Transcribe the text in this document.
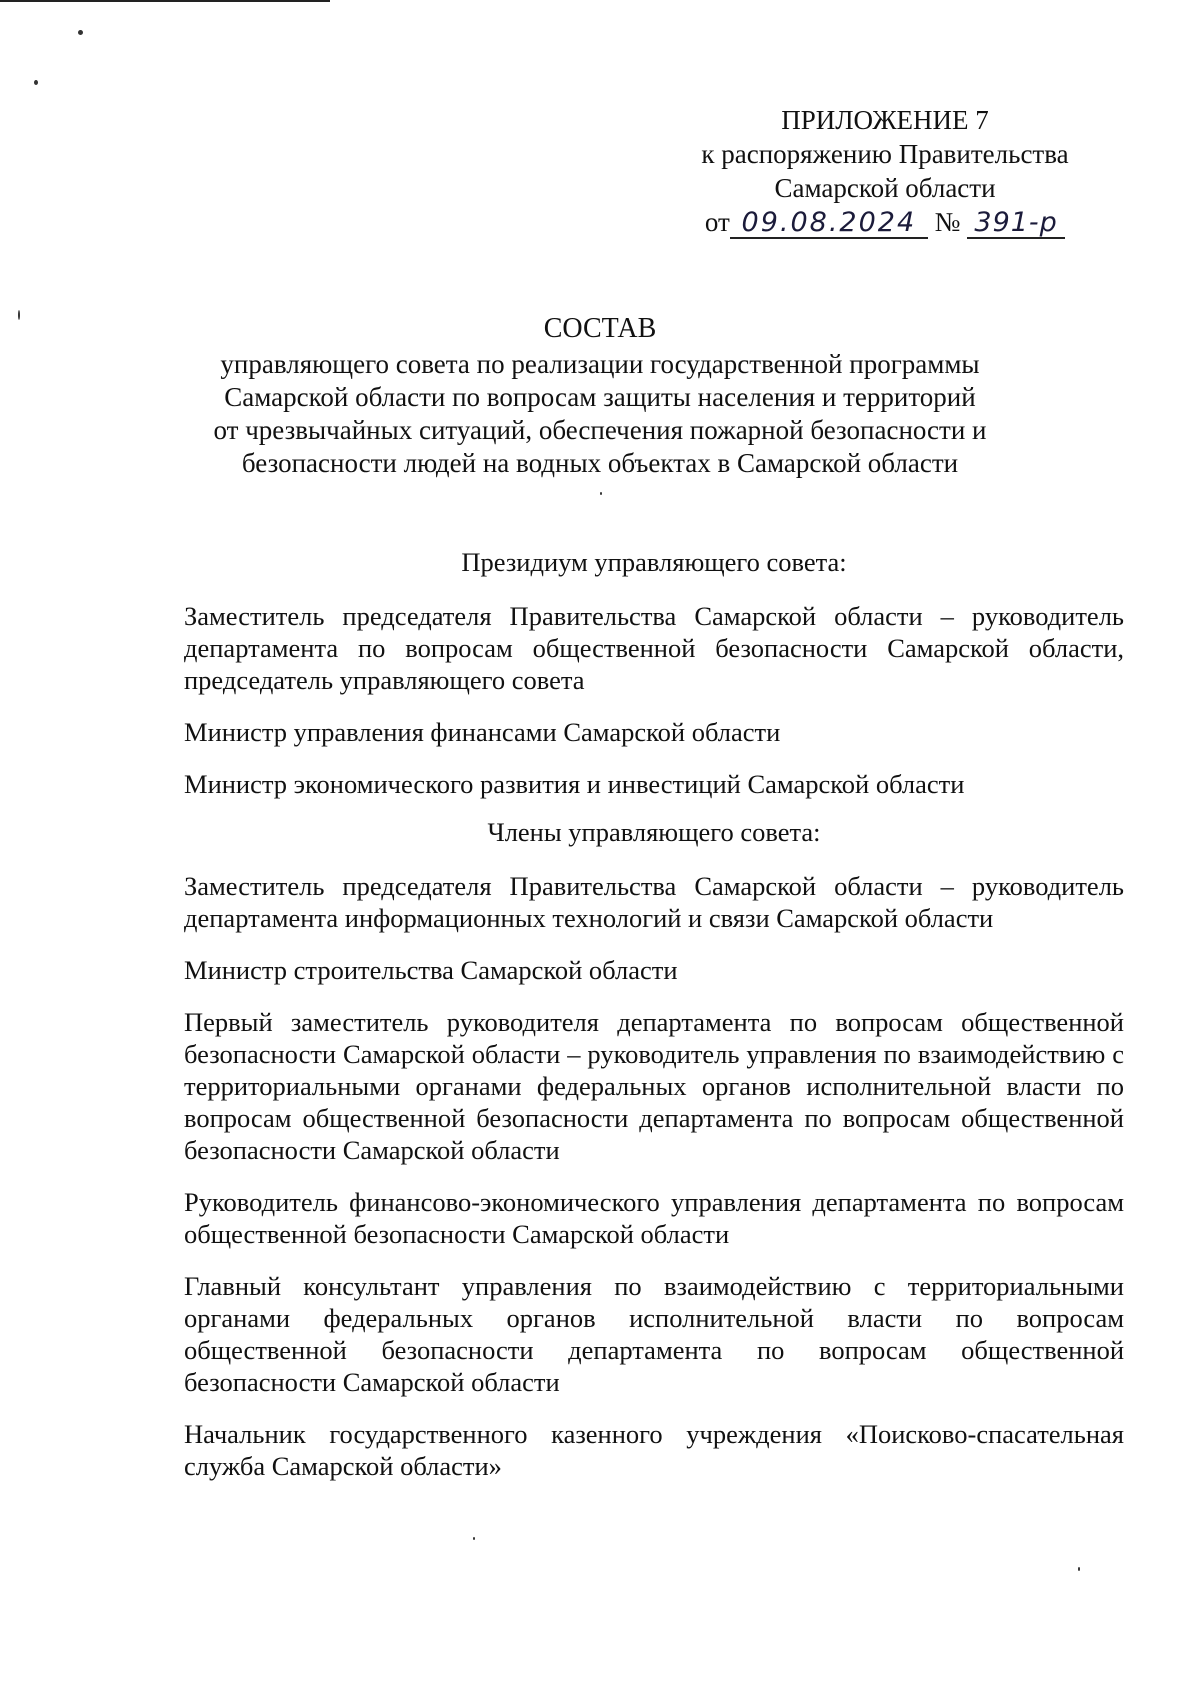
ПРИЛОЖЕНИЕ 7
к распоряжению Правительства
Самарской области
от 09.08.2024 № 391-р
СОСТАВ
управляющего совета по реализации государственной программы
Самарской области по вопросам защиты населения и территорий
от чрезвычайных ситуаций, обеспечения пожарной безопасности и
безопасности людей на водных объектах в Самарской области

Президиум управляющего совета:

Заместитель председателя Правительства Самарской области – руководитель департамента по вопросам общественной безопасности Самарской области, председатель управляющего совета

Министр управления финансами Самарской области

Министр экономического развития и инвестиций Самарской области

Члены управляющего совета:

Заместитель председателя Правительства Самарской области – руководитель департамента информационных технологий и связи Самарской области

Министр строительства Самарской области

Первый заместитель руководителя департамента по вопросам общественной безопасности Самарской области – руководитель управления по взаимодействию с территориальными органами федеральных органов исполнительной власти по вопросам общественной безопасности департамента по вопросам общественной безопасности Самарской области

Руководитель финансово-экономического управления департамента по вопросам общественной безопасности Самарской области

Главный консультант управления по взаимодействию с территориальными органами федеральных органов исполнительной власти по вопросам общественной безопасности департамента по вопросам общественной безопасности Самарской области

Начальник государственного казенного учреждения «Поисково-спасательная служба Самарской области»
